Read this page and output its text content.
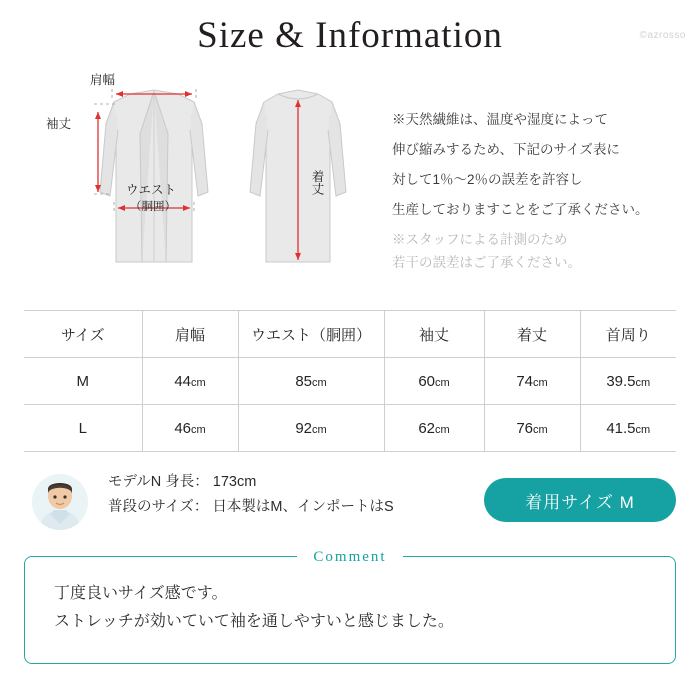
Size & Information	©azrosso
肩幅
袖丈
ウエスト
（胴囲）
着丈

※天然繊維は、温度や湿度によって

伸び縮みするため、下記のサイズ表に

対して1％〜2％の誤差を許容し

生産しておりますことをご了承ください。

※スタッフによる計測のため

若干の誤差はご了承ください。

サイズ	肩幅	ウエスト（胴囲）	袖丈	着丈	首周り
M	44cm	85cm	60cm	74cm	39.5cm
L	46cm	92cm	62cm	76cm	41.5cm
モデルN 身長： 173cm
普段のサイズ： 日本製はM、インポートはS	着用サイズ M
Comment
丁度良いサイズ感です。
ストレッチが効いていて袖を通しやすいと感じました。
